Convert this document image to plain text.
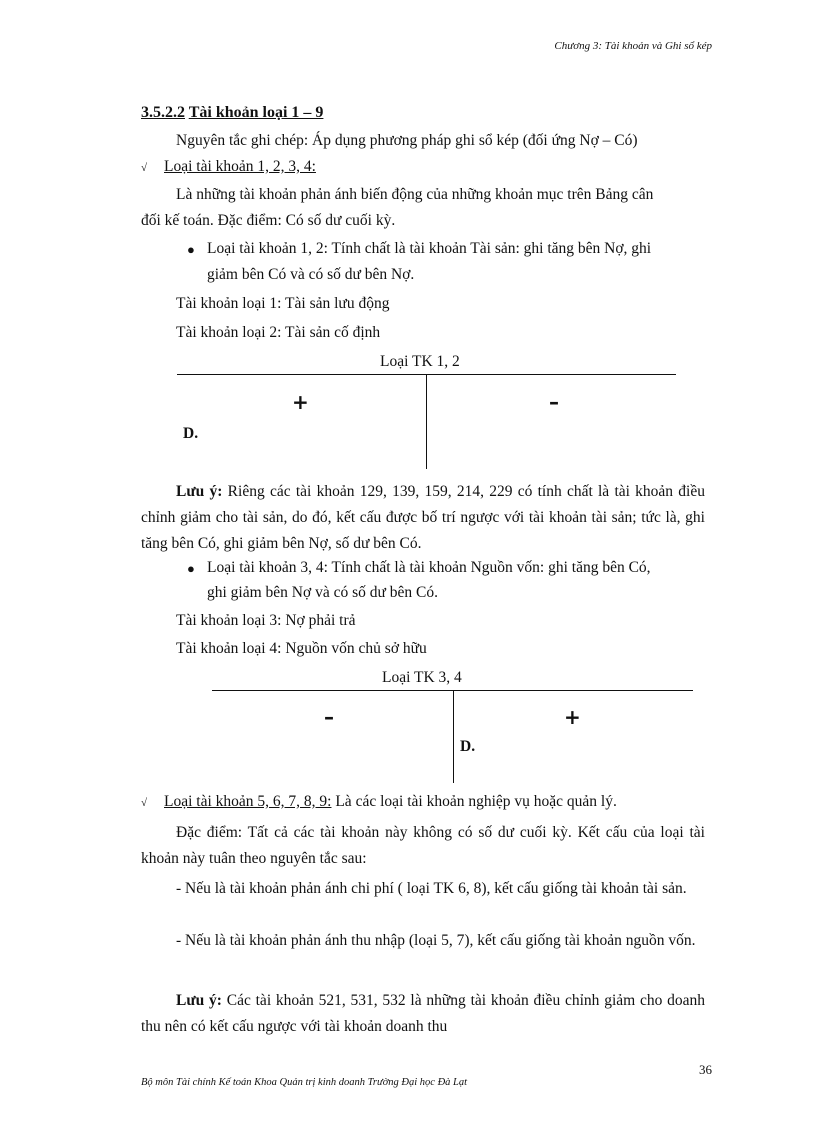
Chương 3: Tài khoản và Ghi sổ kép
3.5.2.2 Tài khoản loại 1 – 9
Nguyên tắc ghi chép: Áp dụng phương pháp ghi sổ kép (đối ứng Nợ – Có)
√ Loại tài khoản 1, 2, 3, 4:
Là những tài khoản phản ánh biến động của những khoản mục trên Bảng cân
đối kế toán. Đặc điểm: Có số dư cuối kỳ.
● Loại tài khoản 1, 2: Tính chất là tài khoản Tài sản: ghi tăng bên Nợ, ghi
giảm bên Có và có số dư bên Nợ.
Tài khoản loại 1: Tài sản lưu động
Tài khoản loại 2: Tài sản cố định
Loại TK 1, 2
+	–
D.
Lưu ý: Riêng các tài khoản 129, 139, 159, 214, 229 có tính chất là tài khoản điều chỉnh giảm cho tài sản, do đó, kết cấu được bố trí ngược với tài khoản tài sản; tức là, ghi tăng bên Có, ghi giảm bên Nợ, số dư bên Có.
● Loại tài khoản 3, 4: Tính chất là tài khoản Nguồn vốn: ghi tăng bên Có,
ghi giảm bên Nợ và có số dư bên Có.
Tài khoản loại 3: Nợ phải trả
Tài khoản loại 4: Nguồn vốn chủ sở hữu
Loại TK 3, 4
–	+
D.
√ Loại tài khoản 5, 6, 7, 8, 9: Là các loại tài khoản nghiệp vụ hoặc quản lý.
Đặc điểm: Tất cả các tài khoản này không có số dư cuối kỳ. Kết cấu của loại tài khoản này tuân theo nguyên tắc sau:
- Nếu là tài khoản phản ánh chi phí ( loại TK 6, 8), kết cấu giống tài khoản tài sản.
- Nếu là tài khoản phản ánh thu nhập (loại 5, 7), kết cấu giống tài khoản nguồn vốn.
Lưu ý: Các tài khoản 521, 531, 532 là những tài khoản điều chỉnh giảm cho doanh thu nên có kết cấu ngược với tài khoản doanh thu
36
Bộ môn Tài chính Kế toán Khoa Quản trị kinh doanh Trường Đại học Đà Lạt
